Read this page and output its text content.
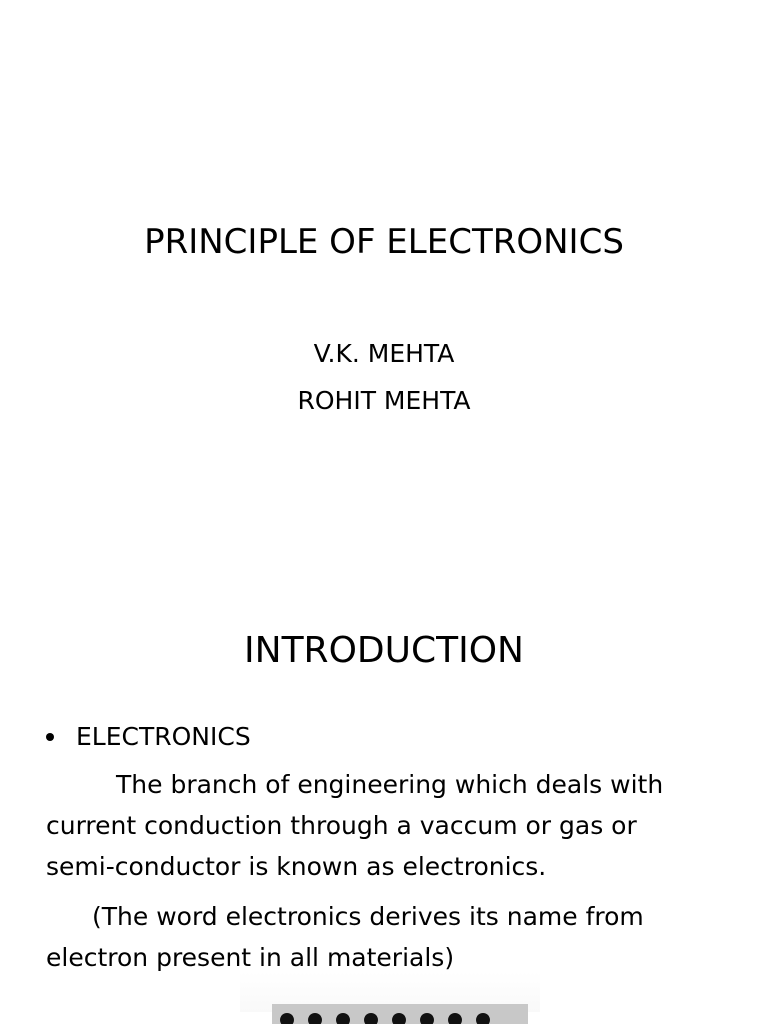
PRINCIPLE OF ELECTRONICS
V.K. MEHTA
ROHIT MEHTA
INTRODUCTION
ELECTRONICS
The branch of engineering which deals with
current conduction through a vaccum or gas or
semi-conductor is known as electronics.
(The word electronics derives its name from
electron present in all materials)
